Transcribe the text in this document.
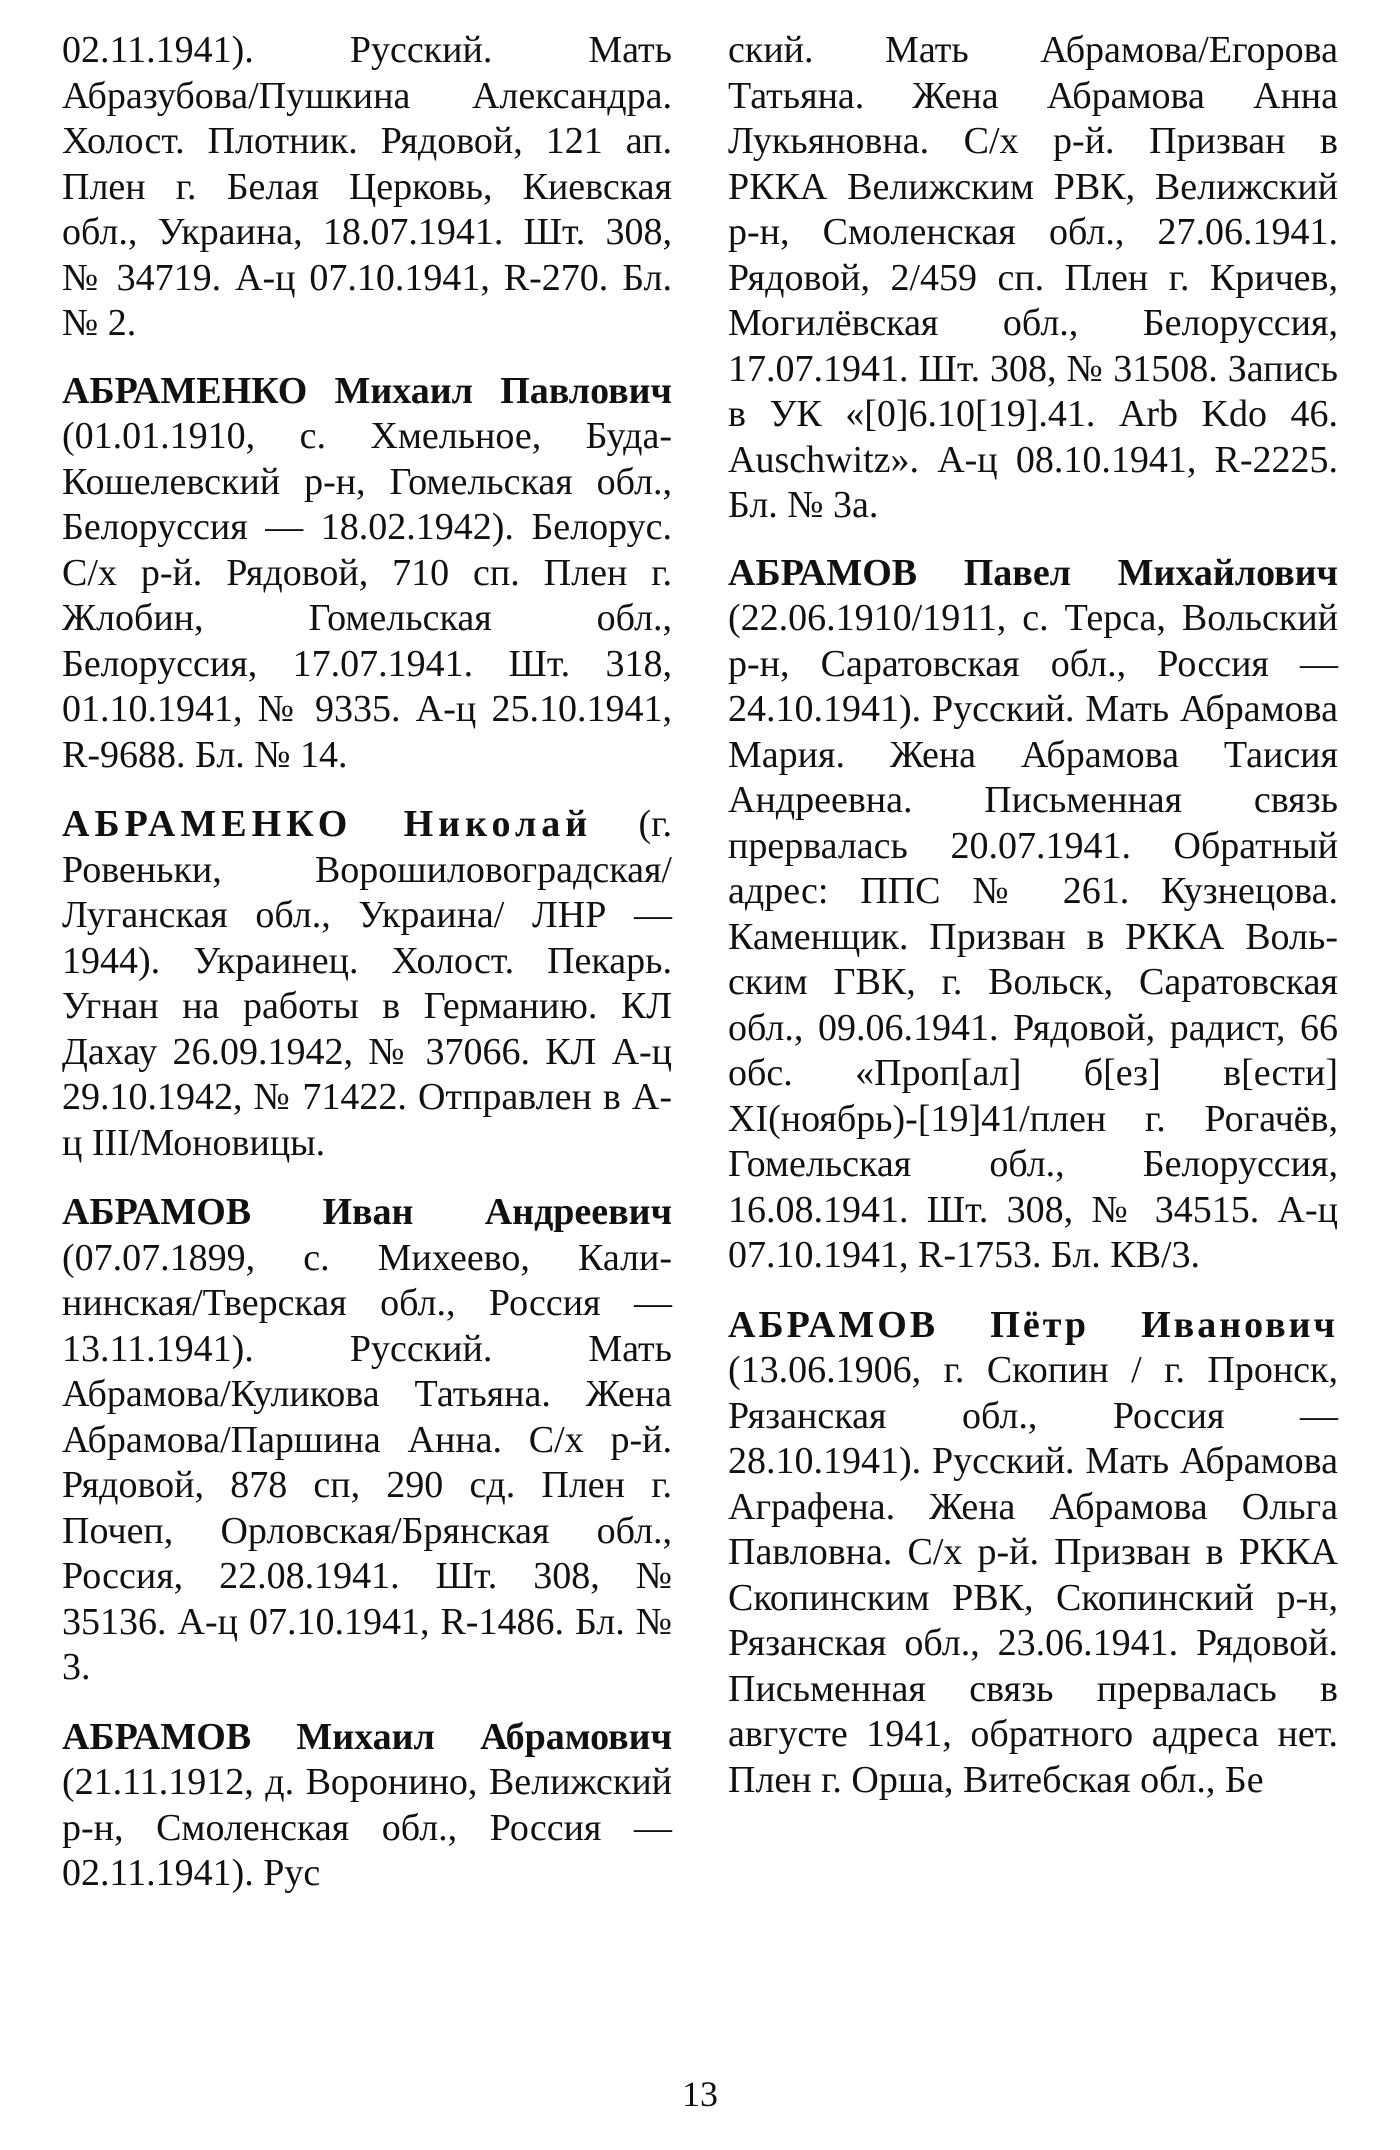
02.11.1941). Русский. Мать Абразубова/Пушкина Александра. Холост. Плотник. Рядовой, 121 ап. Плен г. Белая Церковь, Киевская обл., Украина, 18.07.1941. Шт. 308, № 34719. А-ц 07.10.1941, R-270. Бл. № 2.

АБРАМЕНКО Михаил Павлович (01.01.1910, с. Хмельное, Буда-Кошелевский р-н, Гомельская обл., Белоруссия — 18.02.1942). Белорус. С/х р-й. Рядовой, 710 сп. Плен г. Жлобин, Гомельская обл., Белоруссия, 17.07.1941. Шт. 318, 01.10.1941, № 9335. А-ц 25.10.1941, R-9688. Бл. № 14.

АБРАМЕНКО Николай (г. Ровеньки, Ворошиловоградская/Луганская обл., Украина/ ЛНР — 1944). Украинец. Холост. Пекарь. Угнан на работы в Германию. КЛ Дахау 26.09.1942, № 37066. КЛ А-ц 29.10.1942, № 71422. Отправлен в А-ц III/Моновицы.

АБРАМОВ Иван Андреевич (07.07.1899, с. Михеево, Калининская/Тверская обл., Россия — 13.11.1941). Русский. Мать Абрамова/Куликова Татьяна. Жена Абрамова/Паршина Анна. С/х р-й. Рядовой, 878 сп, 290 сд. Плен г. Почеп, Орловская/Брянская обл., Россия, 22.08.1941. Шт. 308, № 35136. А-ц 07.10.1941, R-1486. Бл. № 3.

АБРАМОВ Михаил Абрамович (21.11.1912, д. Воронино, Велижский р-н, Смоленская обл., Россия — 02.11.1941). Рус

ский. Мать Абрамова/Егорова Татьяна. Жена Абрамова Анна Лукьяновна. С/х р-й. Призван в РККА Велижским РВК, Велижский р-н, Смоленская обл., 27.06.1941. Рядовой, 2/459 сп. Плен г. Кричев, Могилёвская обл., Белоруссия, 17.07.1941. Шт. 308, № 31508. Запись в УК «[0]6.10[19].41. Arb Kdo 46. Auschwitz». А-ц 08.10.1941, R-2225. Бл. № 3а.

АБРАМОВ Павел Михайлович (22.06.1910/1911, с. Терса, Вольский р-н, Саратовская обл., Россия — 24.10.1941). Русский. Мать Абрамова Мария. Жена Абрамова Таисия Андреевна. Письменная связь прервалась 20.07.1941. Обратный адрес: ППС № 261. Кузнецова. Каменщик. Призван в РККА Вольским ГВК, г. Вольск, Саратовская обл., 09.06.1941. Рядовой, радист, 66 обс. «Проп[ал] б[ез] в[ести] XI(ноябрь)-[19]41/плен г. Рогачёв, Гомельская обл., Белоруссия, 16.08.1941. Шт. 308, № 34515. А-ц 07.10.1941, R-1753. Бл. КВ/3.

АБРАМОВ Пётр Иванович (13.06.1906, г. Скопин / г. Пронск, Рязанская обл., Россия — 28.10.1941). Русский. Мать Абрамова Аграфена. Жена Абрамова Ольга Павловна. С/х р-й. Призван в РККА Скопинским РВК, Скопинский р-н, Рязанская обл., 23.06.1941. Рядовой. Письменная связь прервалась в августе 1941, обратного адреса нет. Плен г. Орша, Витебская обл., Бе

13
